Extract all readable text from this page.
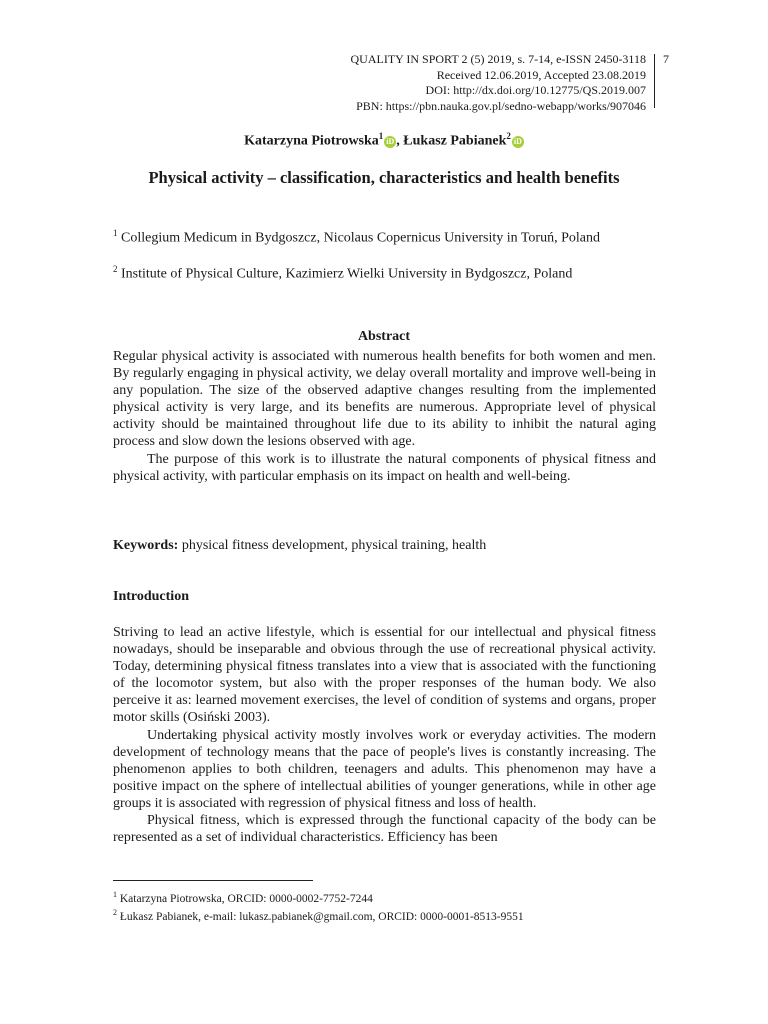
QUALITY IN SPORT 2 (5) 2019, s. 7-14, e-ISSN 2450-3118
Received 12.06.2019, Accepted 23.08.2019
DOI: http://dx.doi.org/10.12775/QS.2019.007
PBN: https://pbn.nauka.gov.pl/sedno-webapp/works/907046
7
Katarzyna Piotrowska$^1$iD , Łukasz Pabianek$^2$iD
Physical activity – classification, characteristics and health benefits
$^1$ Collegium Medicum in Bydgoszcz, Nicolaus Copernicus University in Toruń, Poland
$^2$ Institute of Physical Culture, Kazimierz Wielki University in Bydgoszcz, Poland
Abstract

Regular physical activity is associated with numerous health benefits for both women and men. By regularly engaging in physical activity, we delay overall mortality and improve well-being in any population. The size of the observed adaptive changes resulting from the implemented physical activity is very large, and its benefits are numerous. Appropriate level of physical activity should be maintained throughout life due to its ability to inhibit the natural aging process and slow down the lesions observed with age.

The purpose of this work is to illustrate the natural components of physical fitness and physical activity, with particular emphasis on its impact on health and well-being.

Keywords: physical fitness development, physical training, health
Introduction

Striving to lead an active lifestyle, which is essential for our intellectual and physical fitness nowadays, should be inseparable and obvious through the use of recreational physical activity. Today, determining physical fitness translates into a view that is associated with the functioning of the locomotor system, but also with the proper responses of the human body. We also perceive it as: learned movement exercises, the level of condition of systems and organs, proper motor skills (Osiński 2003).

Undertaking physical activity mostly involves work or everyday activities. The modern development of technology means that the pace of people's lives is constantly increasing. The phenomenon applies to both children, teenagers and adults. This phenomenon may have a positive impact on the sphere of intellectual abilities of younger generations, while in other age groups it is associated with regression of physical fitness and loss of health.

Physical fitness, which is expressed through the functional capacity of the body can be represented as a set of individual characteristics. Efficiency has been

$^1$ Katarzyna Piotrowska, ORCID: 0000-0002-7752-7244
$^2$ Łukasz Pabianek, e-mail: lukasz.pabianek@gmail.com, ORCID: 0000-0001-8513-9551
